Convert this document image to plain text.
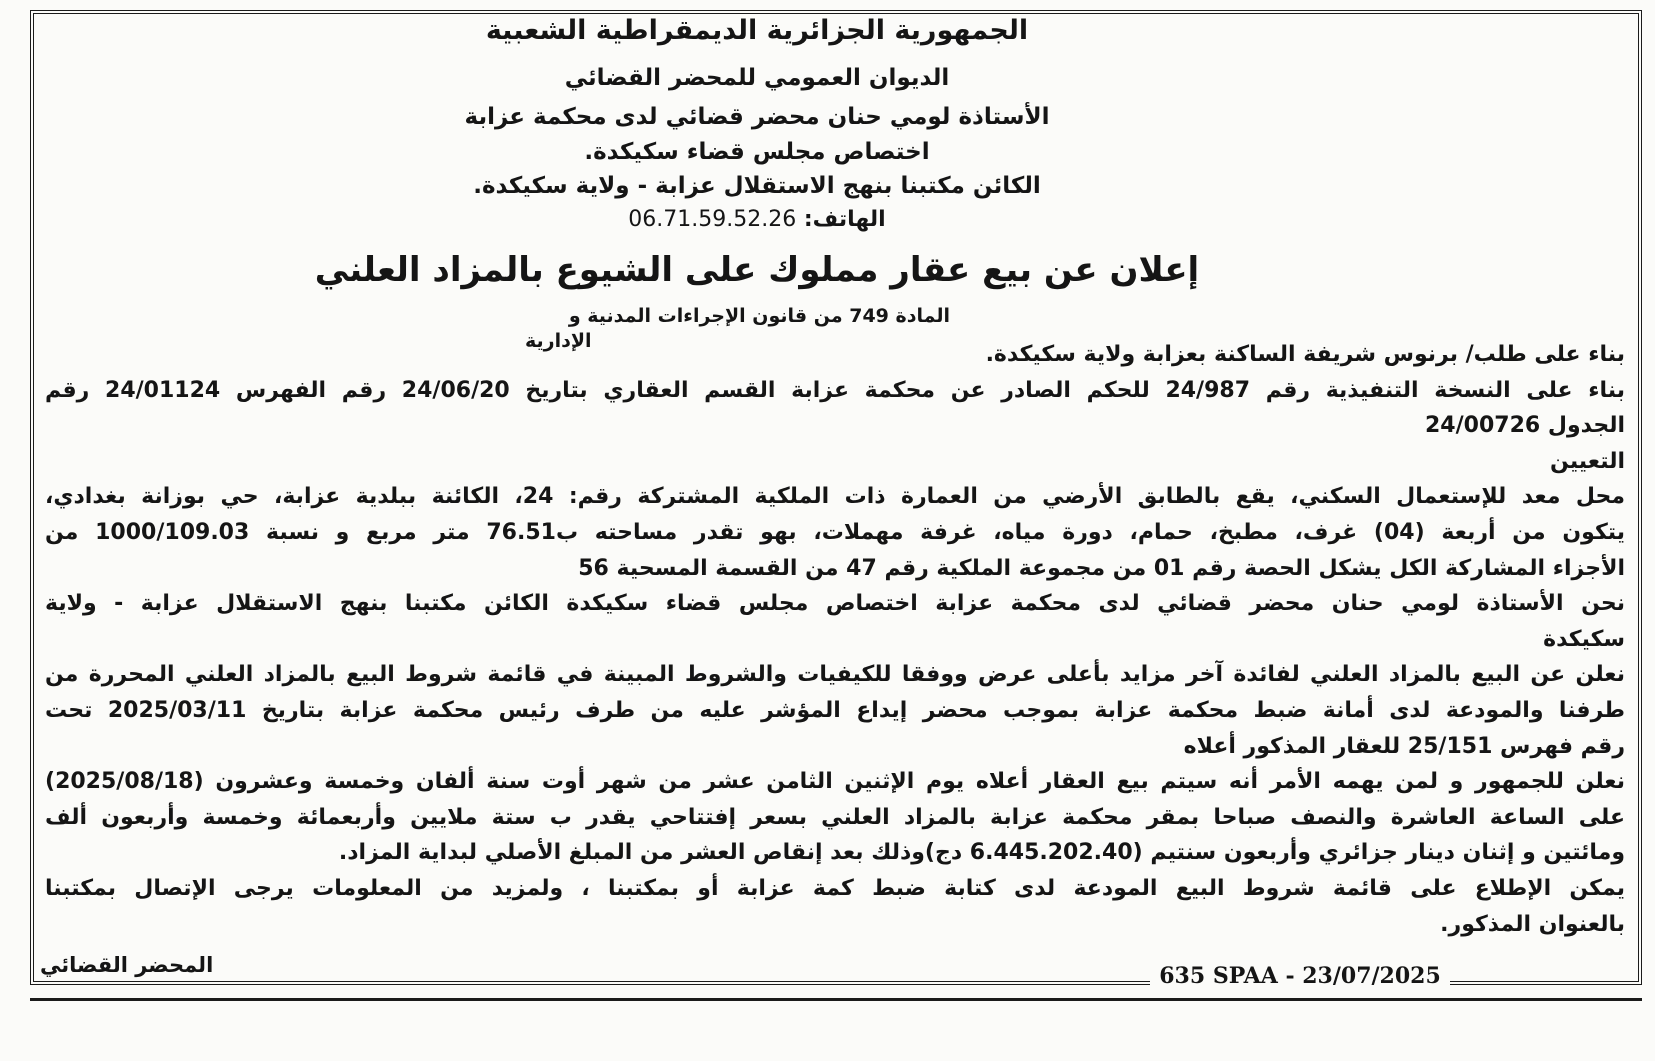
الجمهورية الجزائرية الديمقراطية الشعبية
الديوان العمومي للمحضر القضائي
الأستاذة لومي حنان محضر قضائي لدى محكمة عزابة
اختصاص مجلس قضاء سكيكدة.
الكائن مكتبنا بنهج الاستقلال عزابة - ولاية سكيكدة.
الهاتف: 06.71.59.52.26
إعلان عن بيع عقار مملوك على الشيوع بالمزاد العلني
المادة 749 من قانون الإجراءات المدنية و
الإدارية
بناء على طلب/ برنوس شريفة الساكنة بعزابة ولاية سكيكدة.
بناء على النسخة التنفيذية رقم 24/987 للحكم الصادر عن محكمة عزابة القسم العقاري بتاريخ 24/06/20 رقم الفهرس 24/01124 رقم
الجدول 24/00726
التعيين
محل معد للإستعمال السكني، يقع بالطابق الأرضي من العمارة ذات الملكية المشتركة رقم: 24، الكائنة ببلدية عزابة، حي بوزانة بغدادي،
يتكون من أربعة (04) غرف، مطبخ، حمام، دورة مياه، غرفة مهملات، بهو تقدر مساحته ب76.51 متر مربع و نسبة 1000/109.03 من
الأجزاء المشاركة الكل يشكل الحصة رقم 01 من مجموعة الملكية رقم 47 من القسمة المسحية 56
نحن الأستاذة لومي حنان محضر قضائي لدى محكمة عزابة اختصاص مجلس قضاء سكيكدة الكائن مكتبنا بنهج الاستقلال عزابة - ولاية
سكيكدة
نعلن عن البيع بالمزاد العلني لفائدة آخر مزايد بأعلى عرض ووفقا للكيفيات والشروط المبينة في قائمة شروط البيع بالمزاد العلني المحررة من
طرفنا والمودعة لدى أمانة ضبط محكمة عزابة بموجب محضر إيداع المؤشر عليه من طرف رئيس محكمة عزابة بتاريخ 2025/03/11 تحت
رقم فهرس 25/151 للعقار المذكور أعلاه
نعلن للجمهور و لمن يهمه الأمر أنه سيتم بيع العقار أعلاه يوم الإثنين الثامن عشر من شهر أوت سنة ألفان وخمسة وعشرون (2025/08/18)
على الساعة العاشرة والنصف صباحا بمقر محكمة عزابة بالمزاد العلني بسعر إفتتاحي يقدر ب ستة ملايين وأربعمائة وخمسة وأربعون ألف
ومائتين و إثنان دينار جزائري وأربعون سنتيم (6.445.202.40 دج)وذلك بعد إنقاص العشر من المبلغ الأصلي لبداية المزاد.
يمكن الإطلاع على قائمة شروط البيع المودعة لدى كتابة ضبط كمة عزابة أو بمكتبنا ، ولمزيد من المعلومات يرجى الإتصال بمكتبنا
بالعنوان المذكور.
المحضر القضائي	635 SPAA - 23/07/2025
